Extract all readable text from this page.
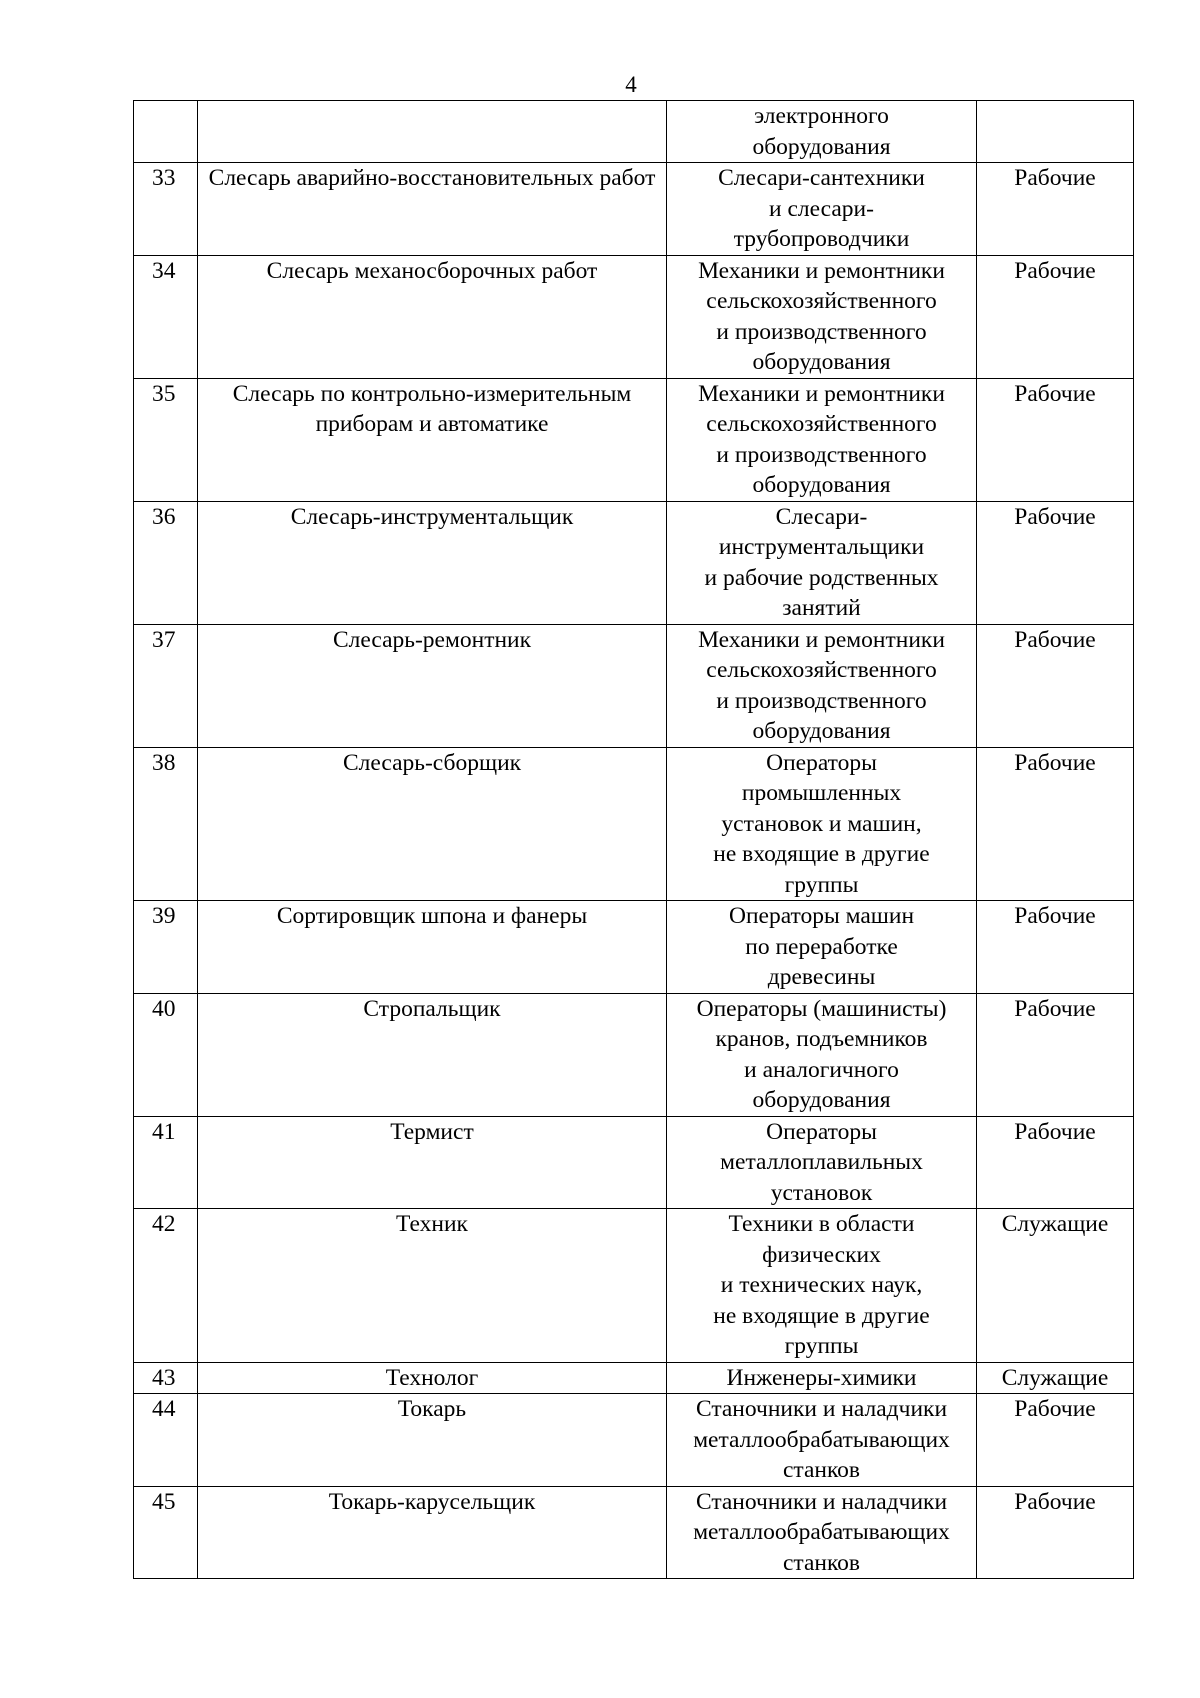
4
		электронного
оборудования	
33	Слесарь аварийно-восстановительных работ	Слесари-сантехники
и слесари-
трубопроводчики	Рабочие
34	Слесарь механосборочных работ	Механики и ремонтники
сельскохозяйственного
и производственного
оборудования	Рабочие
35	Слесарь по контрольно-измерительным приборам и автоматике	Механики и ремонтники
сельскохозяйственного
и производственного
оборудования	Рабочие
36	Слесарь-инструментальщик	Слесари-
инструментальщики
и рабочие родственных
занятий	Рабочие
37	Слесарь-ремонтник	Механики и ремонтники
сельскохозяйственного
и производственного
оборудования	Рабочие
38	Слесарь-сборщик	Операторы
промышленных
установок и машин,
не входящие в другие
группы	Рабочие
39	Сортировщик шпона и фанеры	Операторы машин
по переработке
древесины	Рабочие
40	Стропальщик	Операторы (машинисты)
кранов, подъемников
и аналогичного
оборудования	Рабочие
41	Термист	Операторы
металлоплавильных
установок	Рабочие
42	Техник	Техники в области
физических
и технических наук,
не входящие в другие
группы	Служащие
43	Технолог	Инженеры-химики	Служащие
44	Токарь	Станочники и наладчики
металлообрабатывающих
станков	Рабочие
45	Токарь-карусельщик	Станочники и наладчики
металлообрабатывающих
станков	Рабочие
